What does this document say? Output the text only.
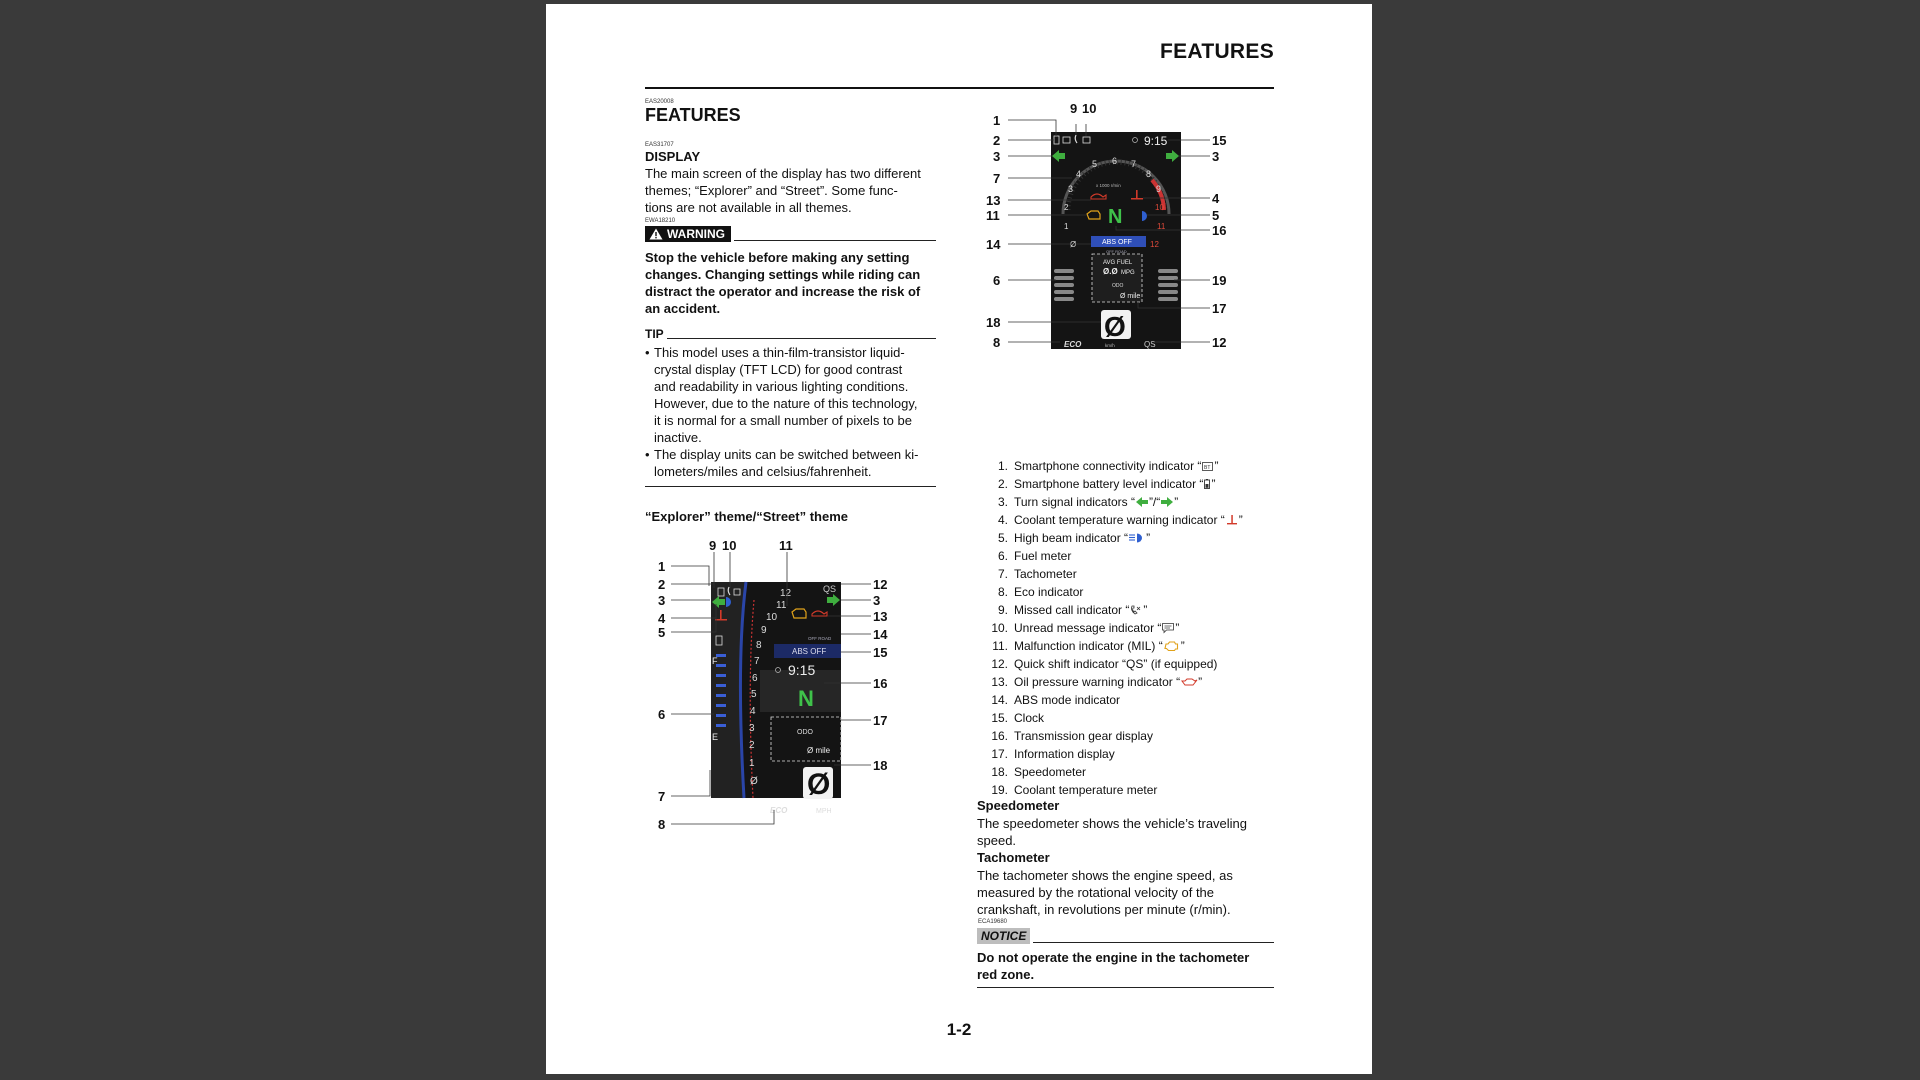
FEATURES
EAS20008
FEATURES
EAS31707
DISPLAY
The main screen of the display has two different
themes; “Explorer” and “Street”. Some func-
tions are not available in all themes.
EWA18210
WARNING
Stop the vehicle before making any setting
changes. Changing settings while riding can
distract the operator and increase the risk of
an accident.
TIP
• This model uses a thin-film-transistor liquid-
crystal display (TFT LCD) for good contrast
and readability in various lighting conditions.
However, due to the nature of this technology,
it is normal for a small number of pixels to be
inactive.
• The display units can be switched between ki-
lometers/miles and celsius/fahrenheit.
“Explorer” theme/“Street” theme
F
E
12
11
10
9
8
7
6
5
4
3
2
1
Ø
QS
OFF ROAD
ABS OFF
9:15
N
ODO
Ø mile
Ø
MPH
ECO
1
2
3
4
5
6
7
8
9 10	11
12
3
13
14
15
16
17
18
Ø
1
2
3
4
5 6 7
8
9
10
11
12
x 1000 r/min
9:15
N
ABS OFF
OFF ROAD
AVG FUEL
Ø.Ø MPG
ODO
Ø mile
Ø
ECO	km/h	QS
1
2
3
7
13
11
14
6
18
8
9 10
15
3
4
5
16
19
17
12
1. Smartphone connectivity indicator “ BT ”
2. Smartphone battery level indicator “ ”
3. Turn signal indicators “ ”/“ ”
4. Coolant temperature warning indicator “ ”
5. High beam indicator “ ”
6. Fuel meter
7. Tachometer
8. Eco indicator
9. Missed call indicator “ ”
10. Unread message indicator “ ”
11. Malfunction indicator (MIL) “ ”
12. Quick shift indicator “QS” (if equipped)
13. Oil pressure warning indicator “ ”
14. ABS mode indicator
15. Clock
16. Transmission gear display
17. Information display
18. Speedometer
19. Coolant temperature meter
Speedometer
The speedometer shows the vehicle’s traveling
speed.
Tachometer
The tachometer shows the engine speed, as
measured by the rotational velocity of the
crankshaft, in revolutions per minute (r/min).
ECA19680
NOTICE
Do not operate the engine in the tachometer
red zone.
1-2
